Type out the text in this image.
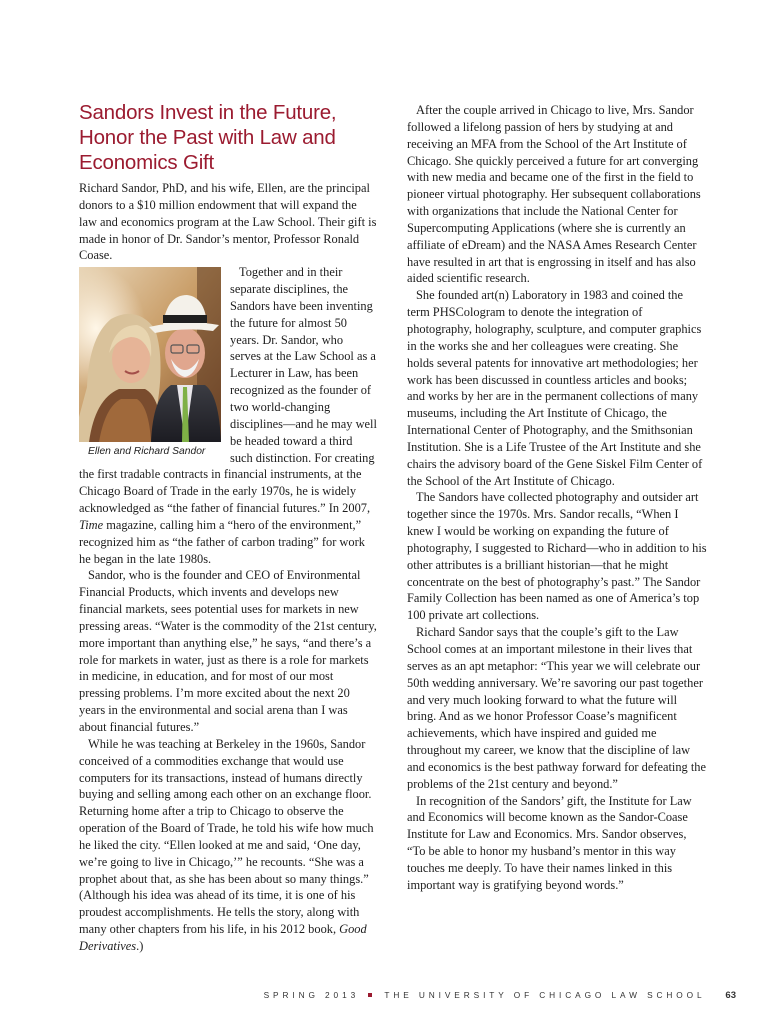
Sandors Invest in the Future, Honor the Past with Law and Economics Gift

Richard Sandor, PhD, and his wife, Ellen, are the principal donors to a $10 million endowment that will expand the law and economics program at the Law School. Their gift is made in honor of Dr. Sandor’s mentor, Professor Ronald Coase.

Ellen and Richard Sandor
Together and in their separate disciplines, the Sandors have been inventing the future for almost 50 years. Dr. Sandor, who serves at the Law School as a Lecturer in Law, has been recognized as the founder of two world-changing disciplines—and he may well be headed toward a third such distinction. For creating the first tradable contracts in financial instruments, at the Chicago Board of Trade in the early 1970s, he is widely acknowledged as “the father of financial futures.” In 2007, Time magazine, calling him a “hero of the environment,” recognized him as “the father of carbon trading” for work he began in the late 1980s.

Sandor, who is the founder and CEO of Environmental Financial Products, which invents and develops new financial markets, sees potential uses for markets in new pressing areas. “Water is the commodity of the 21st century, more important than anything else,” he says, “and there’s a role for markets in water, just as there is a role for markets in medicine, in education, and for most of our most pressing problems. I’m more excited about the next 20 years in the environmental and social arena than I was about financial futures.”

While he was teaching at Berkeley in the 1960s, Sandor conceived of a commodities exchange that would use computers for its transactions, instead of humans directly buying and selling among each other on an exchange floor. Returning home after a trip to Chicago to observe the operation of the Board of Trade, he told his wife how much he liked the city. “Ellen looked at me and said, ‘One day, we’re going to live in Chicago,’” he recounts. “She was a prophet about that, as she has been about so many things.” (Although his idea was ahead of its time, it is one of his proudest accomplishments. He tells the story, along with many other chapters from his life, in his 2012 book, Good Derivatives.)

After the couple arrived in Chicago to live, Mrs. Sandor followed a lifelong passion of hers by studying at and receiving an MFA from the School of the Art Institute of Chicago. She quickly perceived a future for art converging with new media and became one of the first in the field to pioneer virtual photography. Her subsequent collaborations with organizations that include the National Center for Supercomputing Applications (where she is currently an affiliate of eDream) and the NASA Ames Research Center have resulted in art that is engrossing in itself and has also aided scientific research.

She founded art(n) Laboratory in 1983 and coined the term PHSCologram to denote the integration of photography, holography, sculpture, and computer graphics in the works she and her colleagues were creating. She holds several patents for innovative art methodologies; her work has been discussed in countless articles and books; and works by her are in the permanent collections of many museums, including the Art Institute of Chicago, the International Center of Photography, and the Smithsonian Institution. She is a Life Trustee of the Art Institute and she chairs the advisory board of the Gene Siskel Film Center of the School of the Art Institute of Chicago.

The Sandors have collected photography and outsider art together since the 1970s. Mrs. Sandor recalls, “When I knew I would be working on expanding the future of photography, I suggested to Richard—who in addition to his other attributes is a brilliant historian—that he might concentrate on the best of photography’s past.” The Sandor Family Collection has been named as one of America’s top 100 private art collections.

Richard Sandor says that the couple’s gift to the Law School comes at an important milestone in their lives that serves as an apt metaphor: “This year we will celebrate our 50th wedding anniversary. We’re savoring our past together and very much looking forward to what the future will bring. And as we honor Professor Coase’s magnificent achievements, which have inspired and guided me throughout my career, we know that the discipline of law and economics is the best pathway forward for defeating the problems of the 21st century and beyond.”

In recognition of the Sandors’ gift, the Institute for Law and Economics will become known as the Sandor-Coase Institute for Law and Economics. Mrs. Sandor observes, “To be able to honor my husband’s mentor in this way touches me deeply. To have their names linked in this important way is gratifying beyond words.”

SPRING 2013	THE UNIVERSITY OF CHICAGO LAW SCHOOL 63
